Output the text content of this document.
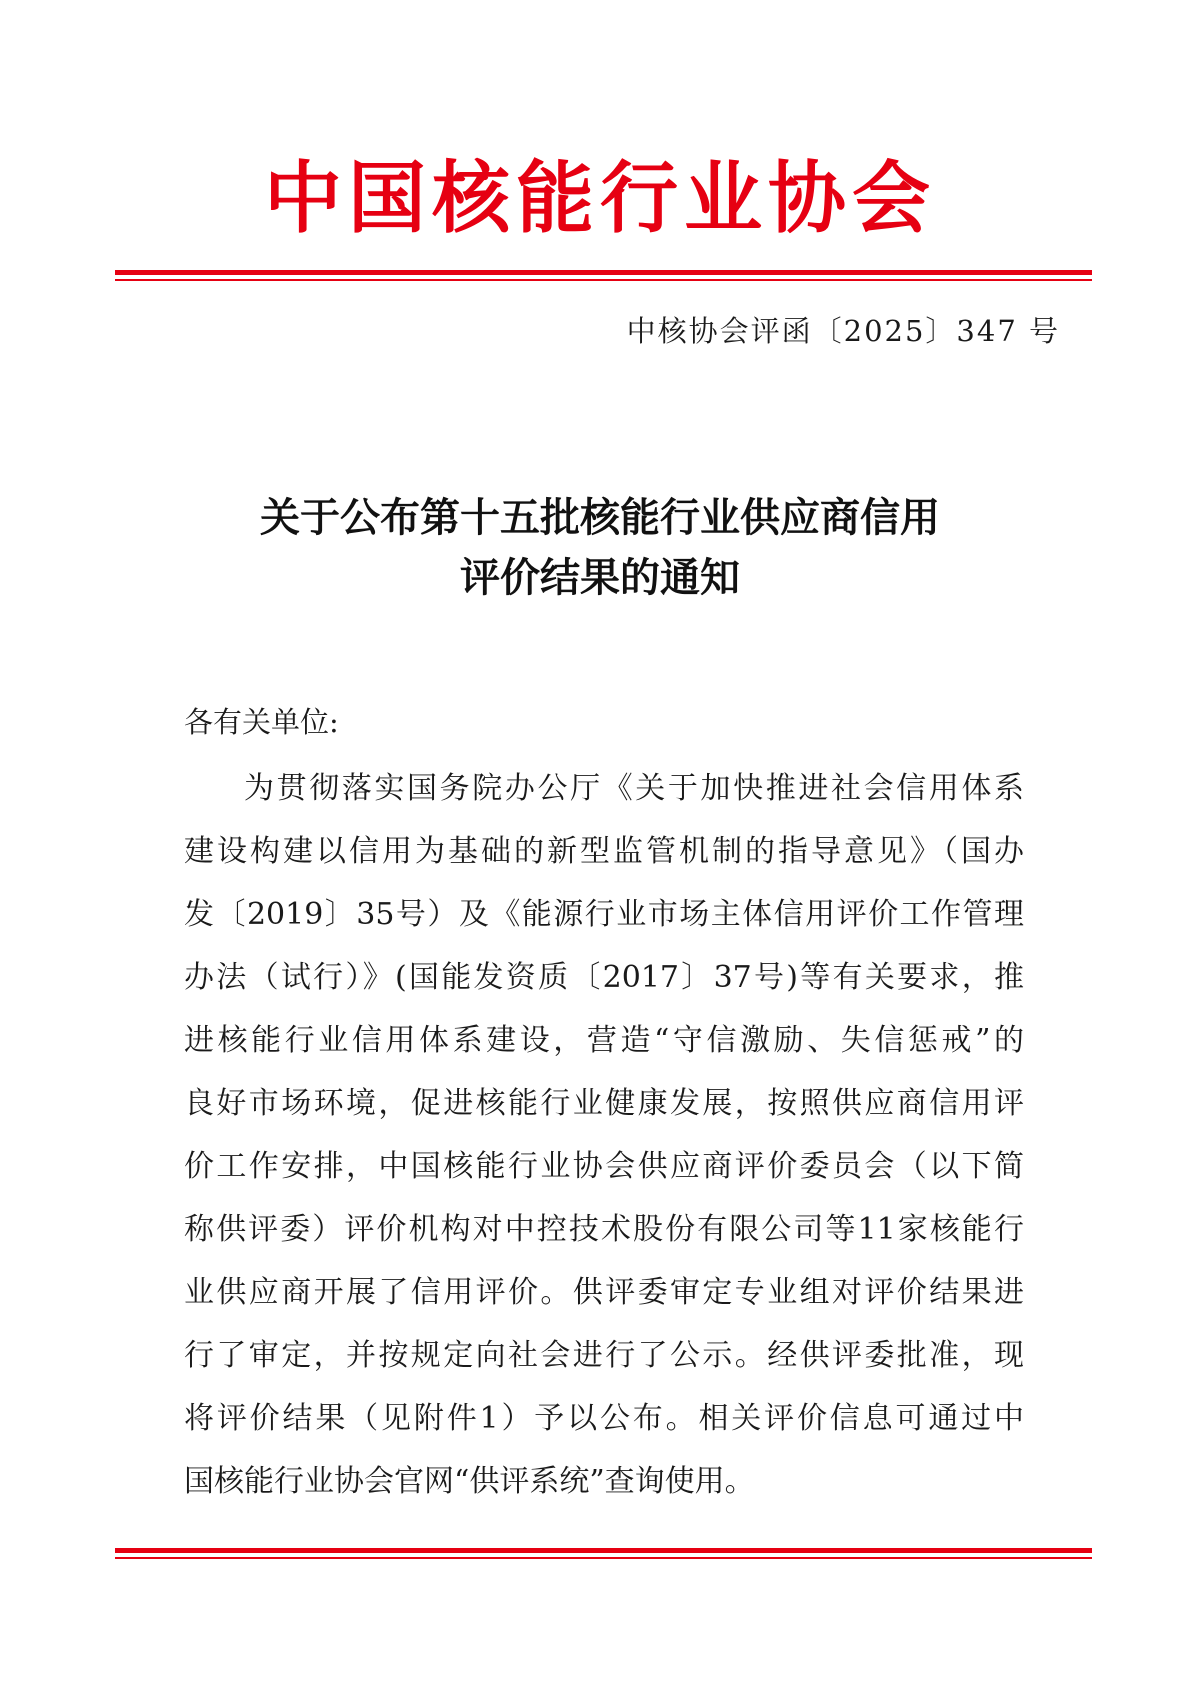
中国核能行业协会
中核协会评函〔2025〕347 号
关于公布第十五批核能行业供应商信用
评价结果的通知
各有关单位:
为贯彻落实国务院办公厅《关于加快推进社会信用体系
建设构建以信用为基础的新型监管机制的指导意见》（国办
发〔2019〕35号）及《能源行业市场主体信用评价工作管理
办法（试行）》(国能发资质〔2017〕37号)等有关要求，推
进核能行业信用体系建设，营造“守信激励、失信惩戒”的
良好市场环境，促进核能行业健康发展，按照供应商信用评
价工作安排，中国核能行业协会供应商评价委员会（以下简
称供评委）评价机构对中控技术股份有限公司等11家核能行
业供应商开展了信用评价。供评委审定专业组对评价结果进
行了审定，并按规定向社会进行了公示。经供评委批准，现
将评价结果（见附件1）予以公布。相关评价信息可通过中
国核能行业协会官网“供评系统”查询使用。
